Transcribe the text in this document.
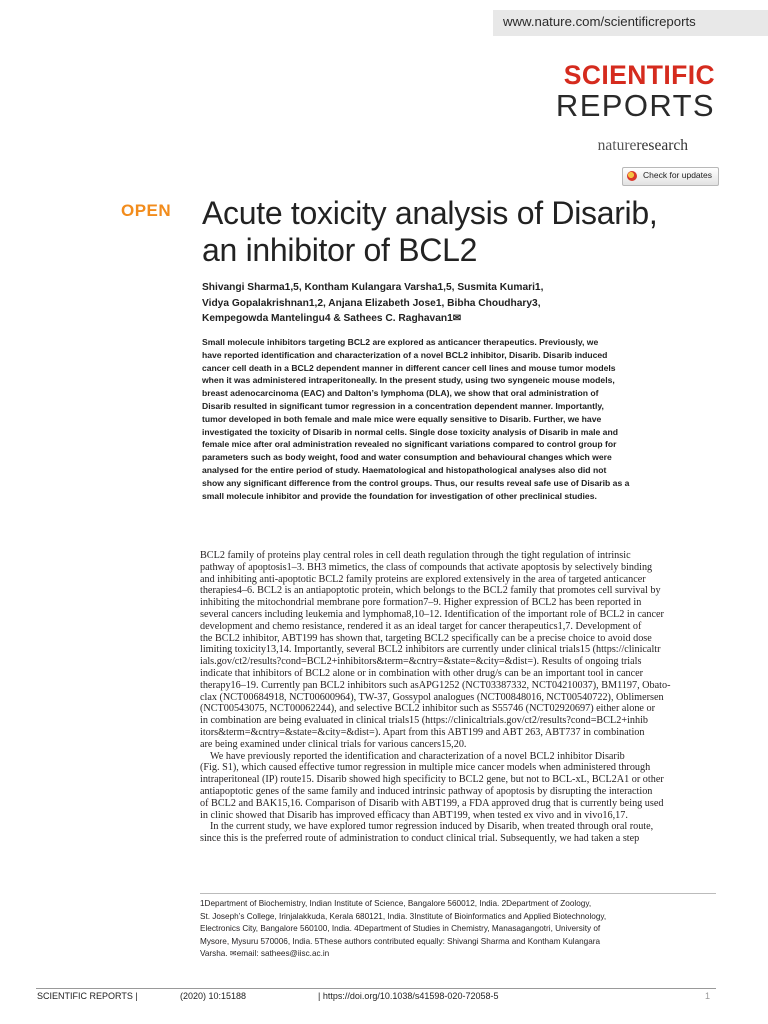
www.nature.com/scientificreports
SCIENTIFIC
REPORTS
natureresearch
Check for updates
OPEN Acute toxicity analysis of Disarib,
an inhibitor of BCL2
Shivangi Sharma1,5, Kontham Kulangara Varsha1,5, Susmita Kumari1,
Vidya Gopalakrishnan1,2, Anjana Elizabeth Jose1, Bibha Choudhary3,
Kempegowda Mantelingu4 & Sathees C. Raghavan1✉
Small molecule inhibitors targeting BCL2 are explored as anticancer therapeutics. Previously, we
have reported identification and characterization of a novel BCL2 inhibitor, Disarib. Disarib induced
cancer cell death in a BCL2 dependent manner in different cancer cell lines and mouse tumor models
when it was administered intraperitoneally. In the present study, using two syngeneic mouse models,
breast adenocarcinoma (EAC) and Dalton’s lymphoma (DLA), we show that oral administration of
Disarib resulted in significant tumor regression in a concentration dependent manner. Importantly,
tumor developed in both female and male mice were equally sensitive to Disarib. Further, we have
investigated the toxicity of Disarib in normal cells. Single dose toxicity analysis of Disarib in male and
female mice after oral administration revealed no significant variations compared to control group for
parameters such as body weight, food and water consumption and behavioural changes which were
analysed for the entire period of study. Haematological and histopathological analyses also did not
show any significant difference from the control groups. Thus, our results reveal safe use of Disarib as a
small molecule inhibitor and provide the foundation for investigation of other preclinical studies.
BCL2 family of proteins play central roles in cell death regulation through the tight regulation of intrinsic
pathway of apoptosis1–3. BH3 mimetics, the class of compounds that activate apoptosis by selectively binding
and inhibiting anti-apoptotic BCL2 family proteins are explored extensively in the area of targeted anticancer
therapies4–6. BCL2 is an antiapoptotic protein, which belongs to the BCL2 family that promotes cell survival by
inhibiting the mitochondrial membrane pore formation7–9. Higher expression of BCL2 has been reported in
several cancers including leukemia and lymphoma8,10–12. Identification of the important role of BCL2 in cancer
development and chemo resistance, rendered it as an ideal target for cancer therapeutics1,7. Development of
the BCL2 inhibitor, ABT199 has shown that, targeting BCL2 specifically can be a precise choice to avoid dose
limiting toxicity13,14. Importantly, several BCL2 inhibitors are currently under clinical trials15 (https://clinicaltr
ials.gov/ct2/results?cond=BCL2+inhibitors&term=&cntry=&state=&city=&dist=). Results of ongoing trials
indicate that inhibitors of BCL2 alone or in combination with other drug/s can be an important tool in cancer
therapy16–19. Currently pan BCL2 inhibitors such asAPG1252 (NCT03387332, NCT04210037), BM1197, Obato-
clax (NCT00684918, NCT00600964), TW-37, Gossypol analogues (NCT00848016, NCT00540722), Oblimersen
(NCT00543075, NCT00062244), and selective BCL2 inhibitor such as S55746 (NCT02920697) either alone or
in combination are being evaluated in clinical trials15 (https://clinicaltrials.gov/ct2/results?cond=BCL2+inhib
itors&term=&cntry=&state=&city=&dist=). Apart from this ABT199 and ABT 263, ABT737 in combination
are being examined under clinical trials for various cancers15,20.
We have previously reported the identification and characterization of a novel BCL2 inhibitor Disarib
(Fig. S1), which caused effective tumor regression in multiple mice cancer models when administered through
intraperitoneal (IP) route15. Disarib showed high specificity to BCL2 gene, but not to BCL-xL, BCL2A1 or other
antiapoptotic genes of the same family and induced intrinsic pathway of apoptosis by disrupting the interaction
of BCL2 and BAK15,16. Comparison of Disarib with ABT199, a FDA approved drug that is currently being used
in clinic showed that Disarib has improved efficacy than ABT199, when tested ex vivo and in vivo16,17.
In the current study, we have explored tumor regression induced by Disarib, when treated through oral route,
since this is the preferred route of administration to conduct clinical trial. Subsequently, we had taken a step
1Department of Biochemistry, Indian Institute of Science, Bangalore 560012, India. 2Department of Zoology,
St. Joseph’s College, Irinjalakkuda, Kerala 680121, India. 3Institute of Bioinformatics and Applied Biotechnology,
Electronics City, Bangalore 560100, India. 4Department of Studies in Chemistry, Manasagangotri, University of
Mysore, Mysuru 570006, India. 5These authors contributed equally: Shivangi Sharma and Kontham Kulangara
Varsha. ✉email: sathees@iisc.ac.in
SCIENTIFIC REPORTS |	(2020) 10:15188	| https://doi.org/10.1038/s41598-020-72058-5	1
